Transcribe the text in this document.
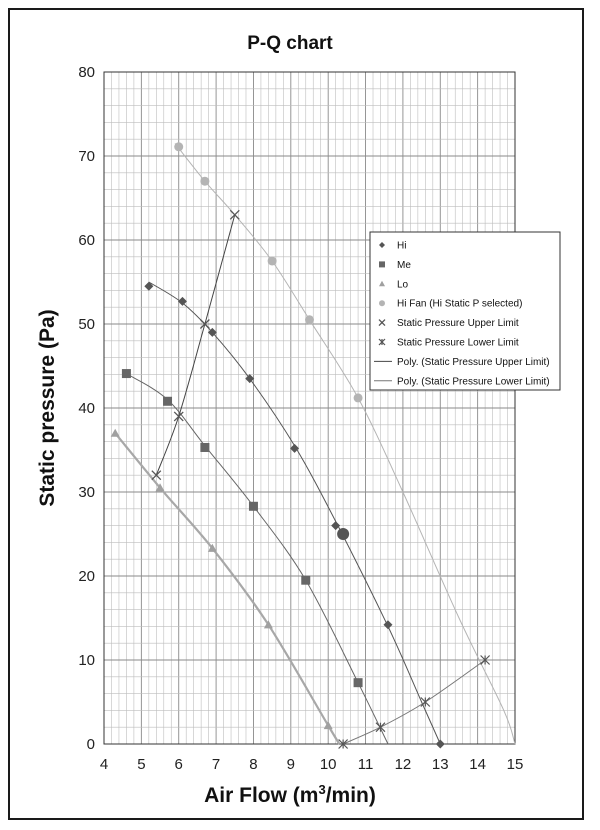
P-Q chart
4 5 6 7 8 9 10 11 12 13 14 15
0
10
20
30
40
50
60
70
80
Air Flow $(m^3/\min)$
Static pressure (Pa)
Hi
Me
Lo
Hi Fan (Hi Static P selected)
Static Pressure Upper Limit
Static Pressure Lower Limit
Poly. (Static Pressure Upper Limit)
Poly. (Static Pressure Lower Limit)
